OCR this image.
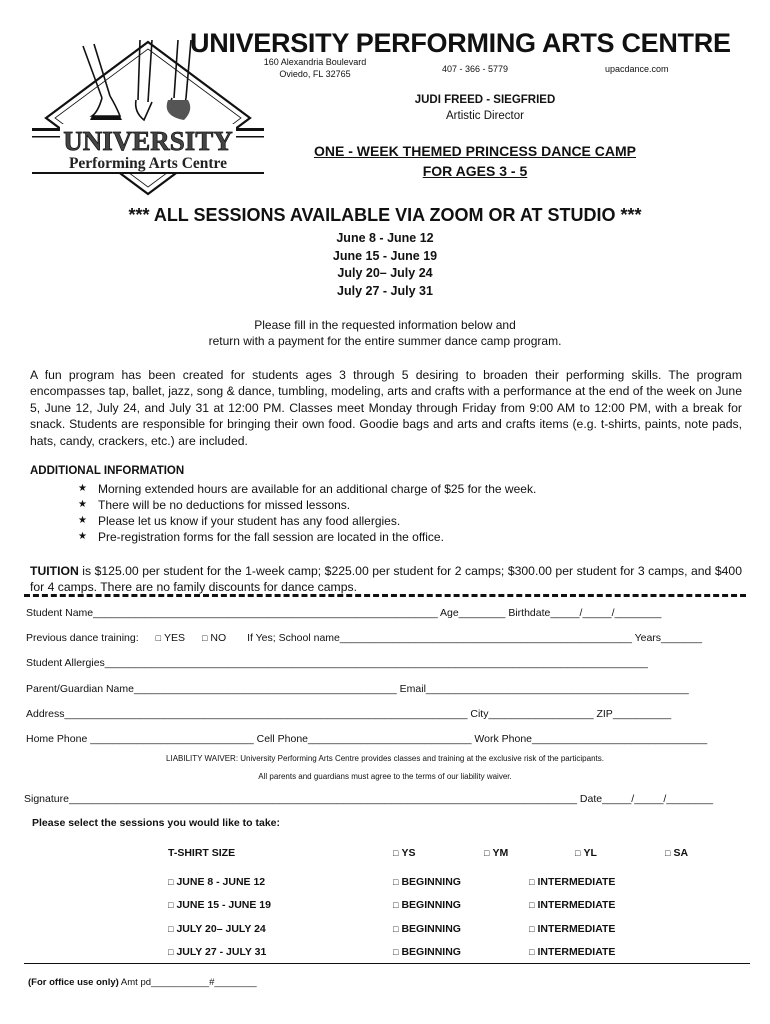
UNIVERSITY PERFORMING ARTS CENTRE
160 Alexandria Boulevard
Oviedo, FL 32765	407 - 366 - 5779	upacdance.com
UNIVERSITY
Performing Arts Centre
JUDI FREED - SIEGFRIED
Artistic Director
ONE - WEEK THEMED PRINCESS DANCE CAMP
FOR AGES 3 - 5
*** ALL SESSIONS AVAILABLE VIA ZOOM OR AT STUDIO ***
June 8 - June 12
June 15 - June 19
July 20– July 24
July 27 - July 31
Please fill in the requested information below and
return with a payment for the entire summer dance camp program.
A fun program has been created for students ages 3 through 5 desiring to broaden their performing skills. The program encompasses tap, ballet, jazz, song & dance, tumbling, modeling, arts and crafts with a performance at the end of the week on June 5, June 12, July 24, and July 31 at 12:00 PM. Classes meet Monday through Friday from 9:00 AM to 12:00 PM, with a break for snack. Students are responsible for bringing their own food. Goodie bags and arts and crafts items (e.g. t-shirts, paints, note pads, hats, candy, crackers, etc.) are included.
ADDITIONAL INFORMATION
★ Morning extended hours are available for an additional charge of $25 for the week.
★ There will be no deductions for missed lessons.
★ Please let us know if your student has any food allergies.
★ Pre-registration forms for the fall session are located in the office.
TUITION is $125.00 per student for the 1-week camp; $225.00 per student for 2 camps; $300.00 per student for 3 camps, and $400 for 4 camps. There are no family discounts for dance camps.
Student Name___________________________________________________________ Age________ Birthdate_____/_____/________
Previous dance training: □ YES □ NO If Yes; School name__________________________________________________ Years_______
Student Allergies_____________________________________________________________________________________________
Parent/Guardian Name_____________________________________________ Email_____________________________________________
Address_____________________________________________________________________ City__________________ ZIP__________
Home Phone ____________________________ Cell Phone____________________________ Work Phone______________________________
LIABILITY WAIVER: University Performing Arts Centre provides classes and training at the exclusive risk of the participants.
All parents and guardians must agree to the terms of our liability waiver.
Signature_______________________________________________________________________________________ Date_____/_____/________
Please select the sessions you would like to take:
T-SHIRT SIZE	□ YS	□ YM	□ YL	□ SA
□ JUNE 8 - JUNE 12	□ BEGINNING	□ INTERMEDIATE
□ JUNE 15 - JUNE 19	□ BEGINNING	□ INTERMEDIATE
□ JULY 20– JULY 24	□ BEGINNING	□ INTERMEDIATE
□ JULY 27 - JULY 31	□ BEGINNING	□ INTERMEDIATE
(For office use only) Amt pd___________#________
